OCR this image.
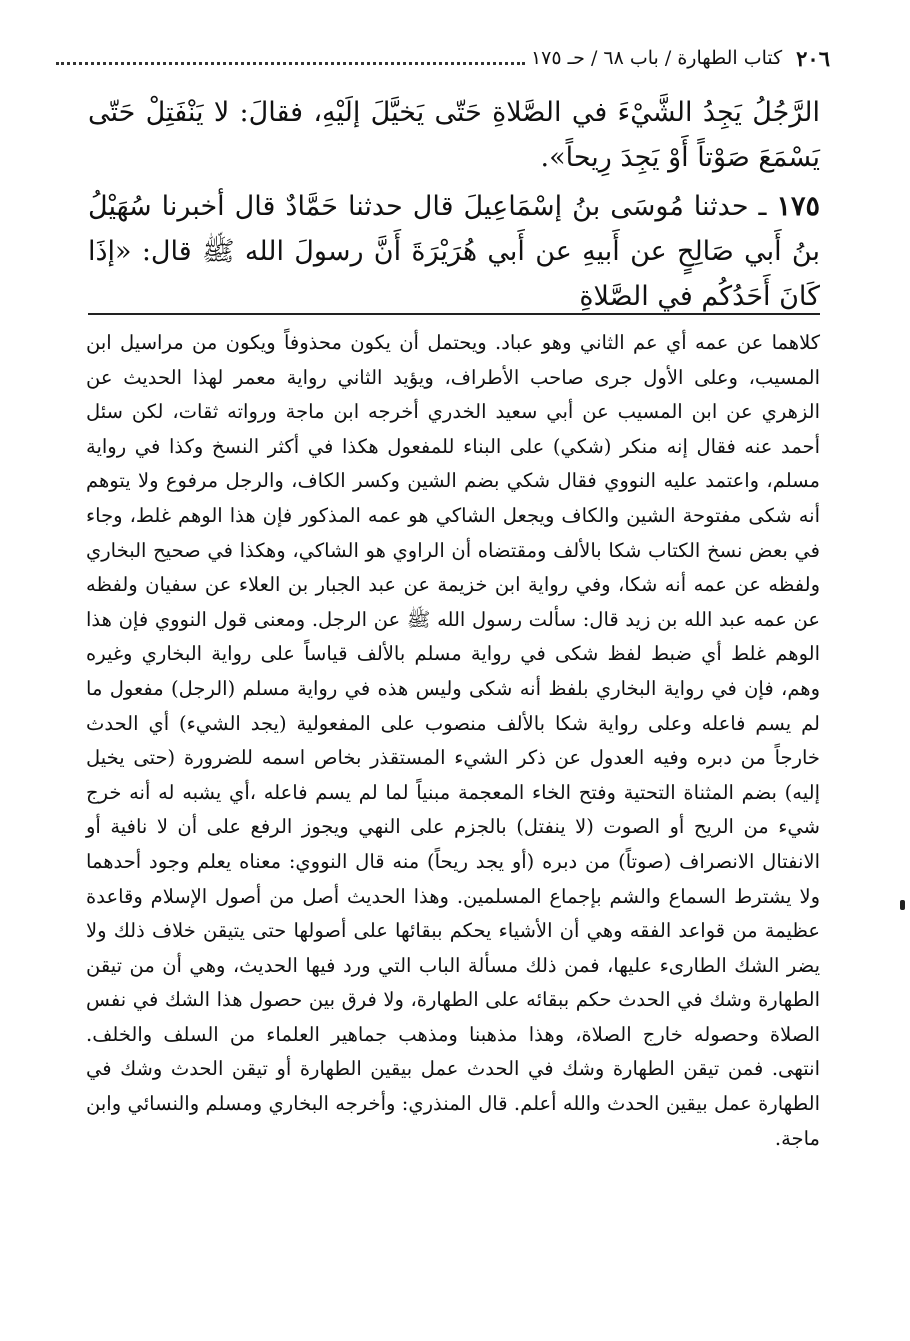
٢٠٦
كتاب الطهارة / باب ٦٨ / حـ ١٧٥

الرَّجُلُ يَجِدُ الشَّيْءَ في الصَّلاةِ حَتّى يَخيَّلَ إلَيْهِ، فقالَ: لا يَنْفَتِلْ حَتّى يَسْمَعَ صَوْتاً أَوْ يَجِدَ رِيحاً».

١٧٥ ـ حدثنا مُوسَى بنُ إسْمَاعِيلَ قال حدثنا حَمَّادٌ قال أخبرنا سُهَيْلُ بنُ أَبي صَالِحٍ عن أَبيهِ عن أَبي هُرَيْرَةَ أَنَّ رسولَ الله ﷺ قال: «إذَا كَانَ أَحَدُكُم في الصَّلاةِ

كلاهما عن عمه أي عم الثاني وهو عباد. ويحتمل أن يكون محذوفاً ويكون من مراسيل ابن المسيب، وعلى الأول جرى صاحب الأطراف، ويؤيد الثاني رواية معمر لهذا الحديث عن الزهري عن ابن المسيب عن أبي سعيد الخدري أخرجه ابن ماجة ورواته ثقات، لكن سئل أحمد عنه فقال إنه منكر (شكي) على البناء للمفعول هكذا في أكثر النسخ وكذا في رواية مسلم، واعتمد عليه النووي فقال شكي بضم الشين وكسر الكاف، والرجل مرفوع ولا يتوهم أنه شكى مفتوحة الشين والكاف ويجعل الشاكي هو عمه المذكور فإن هذا الوهم غلط، وجاء في بعض نسخ الكتاب شكا بالألف ومقتضاه أن الراوي هو الشاكي، وهكذا في صحيح البخاري ولفظه عن عمه أنه شكا، وفي رواية ابن خزيمة عن عبد الجبار بن العلاء عن سفيان ولفظه عن عمه عبد الله بن زيد قال: سألت رسول الله ﷺ عن الرجل. ومعنى قول النووي فإن هذا الوهم غلط أي ضبط لفظ شكى في رواية مسلم بالألف قياساً على رواية البخاري وغيره وهم، فإن في رواية البخاري بلفظ أنه شكى وليس هذه في رواية مسلم (الرجل) مفعول ما لم يسم فاعله وعلى رواية شكا بالألف منصوب على المفعولية (يجد الشيء) أي الحدث خارجاً من دبره وفيه العدول عن ذكر الشيء المستقذر بخاص اسمه للضرورة (حتى يخيل إليه) بضم المثناة التحتية وفتح الخاء المعجمة مبنياً لما لم يسم فاعله ،أي يشبه له أنه خرج شيء من الريح أو الصوت (لا ينفتل) بالجزم على النهي ويجوز الرفع على أن لا نافية أو الانفتال الانصراف (صوتاً) من دبره (أو يجد ريحاً) منه قال النووي: معناه يعلم وجود أحدهما ولا يشترط السماع والشم بإجماع المسلمين. وهذا الحديث أصل من أصول الإسلام وقاعدة عظيمة من قواعد الفقه وهي أن الأشياء يحكم ببقائها على أصولها حتى يتيقن خلاف ذلك ولا يضر الشك الطارىء عليها، فمن ذلك مسألة الباب التي ورد فيها الحديث، وهي أن من تيقن الطهارة وشك في الحدث حكم ببقائه على الطهارة، ولا فرق بين حصول هذا الشك في نفس الصلاة وحصوله خارج الصلاة، وهذا مذهبنا ومذهب جماهير العلماء من السلف والخلف. انتهى. فمن تيقن الطهارة وشك في الحدث عمل بيقين الطهارة أو تيقن الحدث وشك في الطهارة عمل بيقين الحدث والله أعلم. قال المنذري: وأخرجه البخاري ومسلم والنسائي وابن ماجة.
